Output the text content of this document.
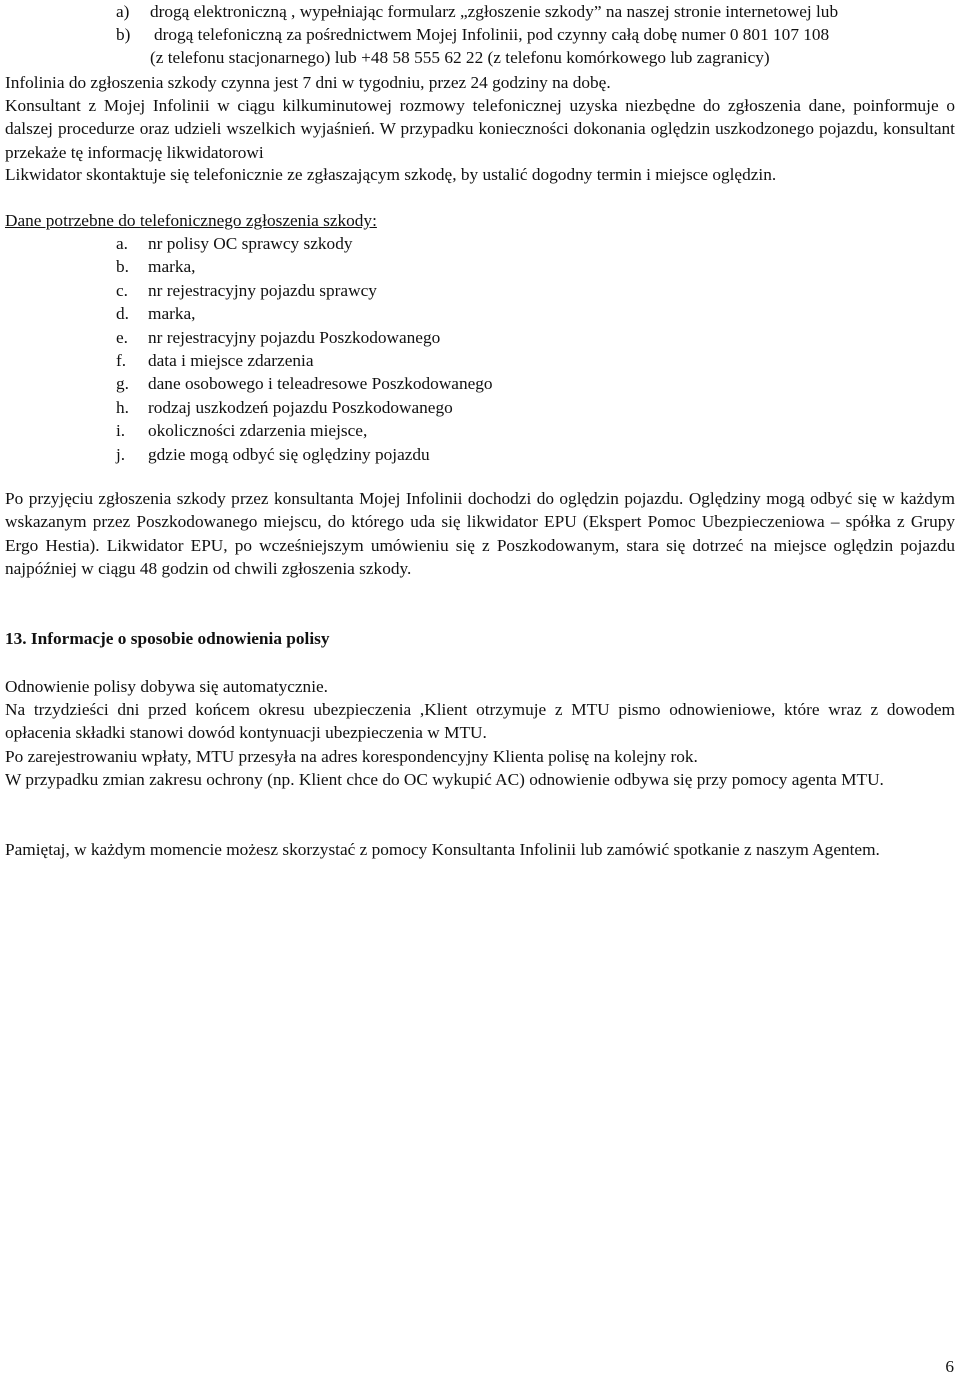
a) drogą elektroniczną , wypełniając formularz „zgłoszenie szkody” na naszej stronie internetowej lub
b) drogą telefoniczną za pośrednictwem Mojej Infolinii, pod czynny całą dobę numer 0 801 107 108
(z telefonu stacjonarnego) lub +48 58 555 62 22 (z telefonu komórkowego lub zagranicy)
Infolinia do zgłoszenia szkody czynna jest 7 dni w tygodniu, przez 24 godziny na dobę.
Konsultant z Mojej Infolinii w ciągu kilkuminutowej rozmowy telefonicznej uzyska niezbędne do zgłoszenia dane, poinformuje o dalszej procedurze oraz udzieli wszelkich wyjaśnień. W przypadku konieczności dokonania oględzin uszkodzonego pojazdu, konsultant przekaże tę informację likwidatorowi
Likwidator skontaktuje się telefonicznie ze zgłaszającym szkodę, by ustalić dogodny termin i miejsce oględzin.
Dane potrzebne do telefonicznego zgłoszenia szkody:
a. nr polisy OC sprawcy szkody
b. marka,
c. nr rejestracyjny pojazdu sprawcy
d. marka,
e. nr rejestracyjny pojazdu Poszkodowanego
f. data i miejsce zdarzenia
g. dane osobowego i teleadresowe Poszkodowanego
h. rodzaj uszkodzeń pojazdu Poszkodowanego
i. okoliczności zdarzenia miejsce,
j. gdzie mogą odbyć się oględziny pojazdu
Po przyjęciu zgłoszenia szkody przez konsultanta Mojej Infolinii dochodzi do oględzin pojazdu. Oględziny mogą odbyć się w każdym wskazanym przez Poszkodowanego miejscu, do którego uda się likwidator EPU (Ekspert Pomoc Ubezpieczeniowa – spółka z Grupy Ergo Hestia). Likwidator EPU, po wcześniejszym umówieniu się z Poszkodowanym, stara się dotrzeć na miejsce oględzin pojazdu najpóźniej w ciągu 48 godzin od chwili zgłoszenia szkody.
13. Informacje o sposobie odnowienia polisy
Odnowienie polisy dobywa się automatycznie.
Na trzydzieści dni przed końcem okresu ubezpieczenia ,Klient otrzymuje z MTU pismo odnowieniowe, które wraz z dowodem opłacenia składki stanowi dowód kontynuacji ubezpieczenia w MTU.
Po zarejestrowaniu wpłaty, MTU przesyła na adres korespondencyjny Klienta polisę na kolejny rok.
W przypadku zmian zakresu ochrony (np. Klient chce do OC wykupić AC) odnowienie odbywa się przy pomocy agenta MTU.
Pamiętaj, w każdym momencie możesz skorzystać z pomocy Konsultanta Infolinii lub zamówić spotkanie z naszym Agentem.
6
